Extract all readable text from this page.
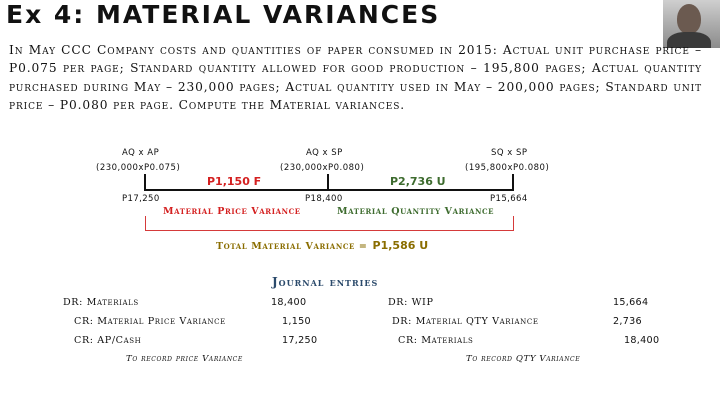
Ex 4: MATERIAL VARIANCES
In May CCC Company costs and quantities of paper consumed in 2015: Actual unit purchase price – P0.075 per page; Standard quantity allowed for good production – 195,800 pages; Actual quantity purchased during May – 230,000 pages; Actual quantity used in May – 200,000 pages; Standard unit price – P0.080 per page. Compute the Material variances.
AQ x AP	AQ x SP	SQ x SP
(230,000xP0.075)	(230,000xP0.080)	(195,800xP0.080)
P1,150 F	P2,736 U
P17,250	P18,400	P15,664
Material Price Variance	Material Quantity Variance
Total Material Variance = P1,586 U
Journal entries
DR: Materials	18,400
CR: Material Price Variance	1,150
CR: AP/Cash	17,250
To record price Variance
DR: WIP	15,664
DR: Material QTY Variance	2,736
CR: Materials	18,400
To record QTY Variance
